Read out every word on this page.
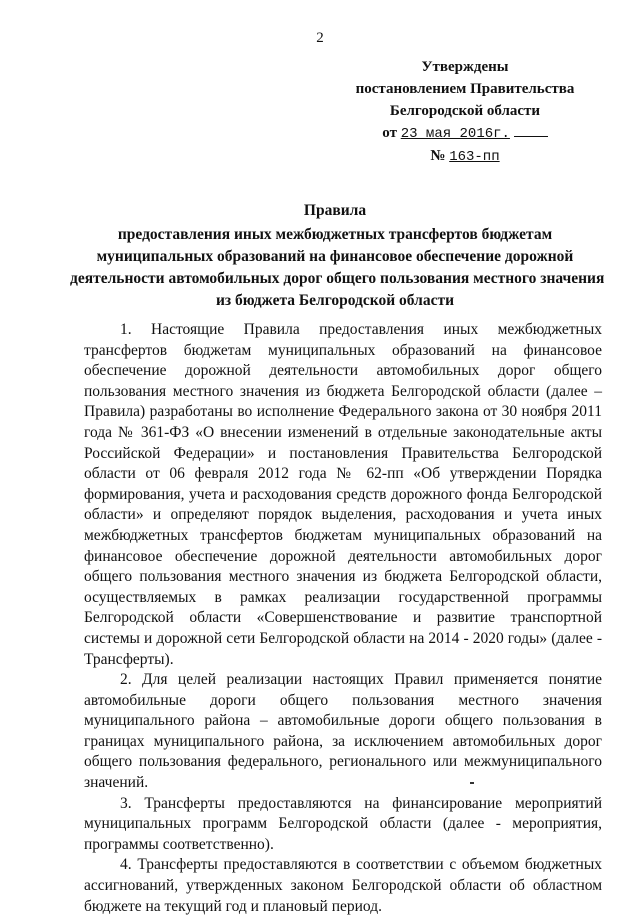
2
Утверждены
постановлением Правительства
Белгородской области
от 23 мая 2016г.
№ 163-пп
Правила
предоставления иных межбюджетных трансфертов бюджетам
муниципальных образований на финансовое обеспечение дорожной
деятельности автомобильных дорог общего пользования местного значения
из бюджета Белгородской области

1. Настоящие Правила предоставления иных межбюджетных трансфертов бюджетам муниципальных образований на финансовое обеспечение дорожной деятельности автомобильных дорог общего пользования местного значения из бюджета Белгородской области (далее – Правила) разработаны во исполнение Федерального закона от 30 ноября 2011 года № 361-ФЗ «О внесении изменений в отдельные законодательные акты Российской Федерации» и постановления Правительства Белгородской области от 06 февраля 2012 года № 62-пп «Об утверждении Порядка формирования, учета и расходования средств дорожного фонда Белгородской области» и определяют порядок выделения, расходования и учета иных межбюджетных трансфертов бюджетам муниципальных образований на финансовое обеспечение дорожной деятельности автомобильных дорог общего пользования местного значения из бюджета Белгородской области, осуществляемых в рамках реализации государственной программы Белгородской области «Совершенствование и развитие транспортной системы и дорожной сети Белгородской области на 2014 - 2020 годы» (далее - Трансферты).

2. Для целей реализации настоящих Правил применяется понятие автомобильные дороги общего пользования местного значения муниципального района – автомобильные дороги общего пользования в границах муниципального района, за исключением автомобильных дорог общего пользования федерального, регионального или межмуниципального значений.

3. Трансферты предоставляются на финансирование мероприятий муниципальных программ Белгородской области (далее - мероприятия, программы соответственно).

4. Трансферты предоставляются в соответствии с объемом бюджетных ассигнований, утвержденных законом Белгородской области об областном бюджете на текущий год и плановый период.
